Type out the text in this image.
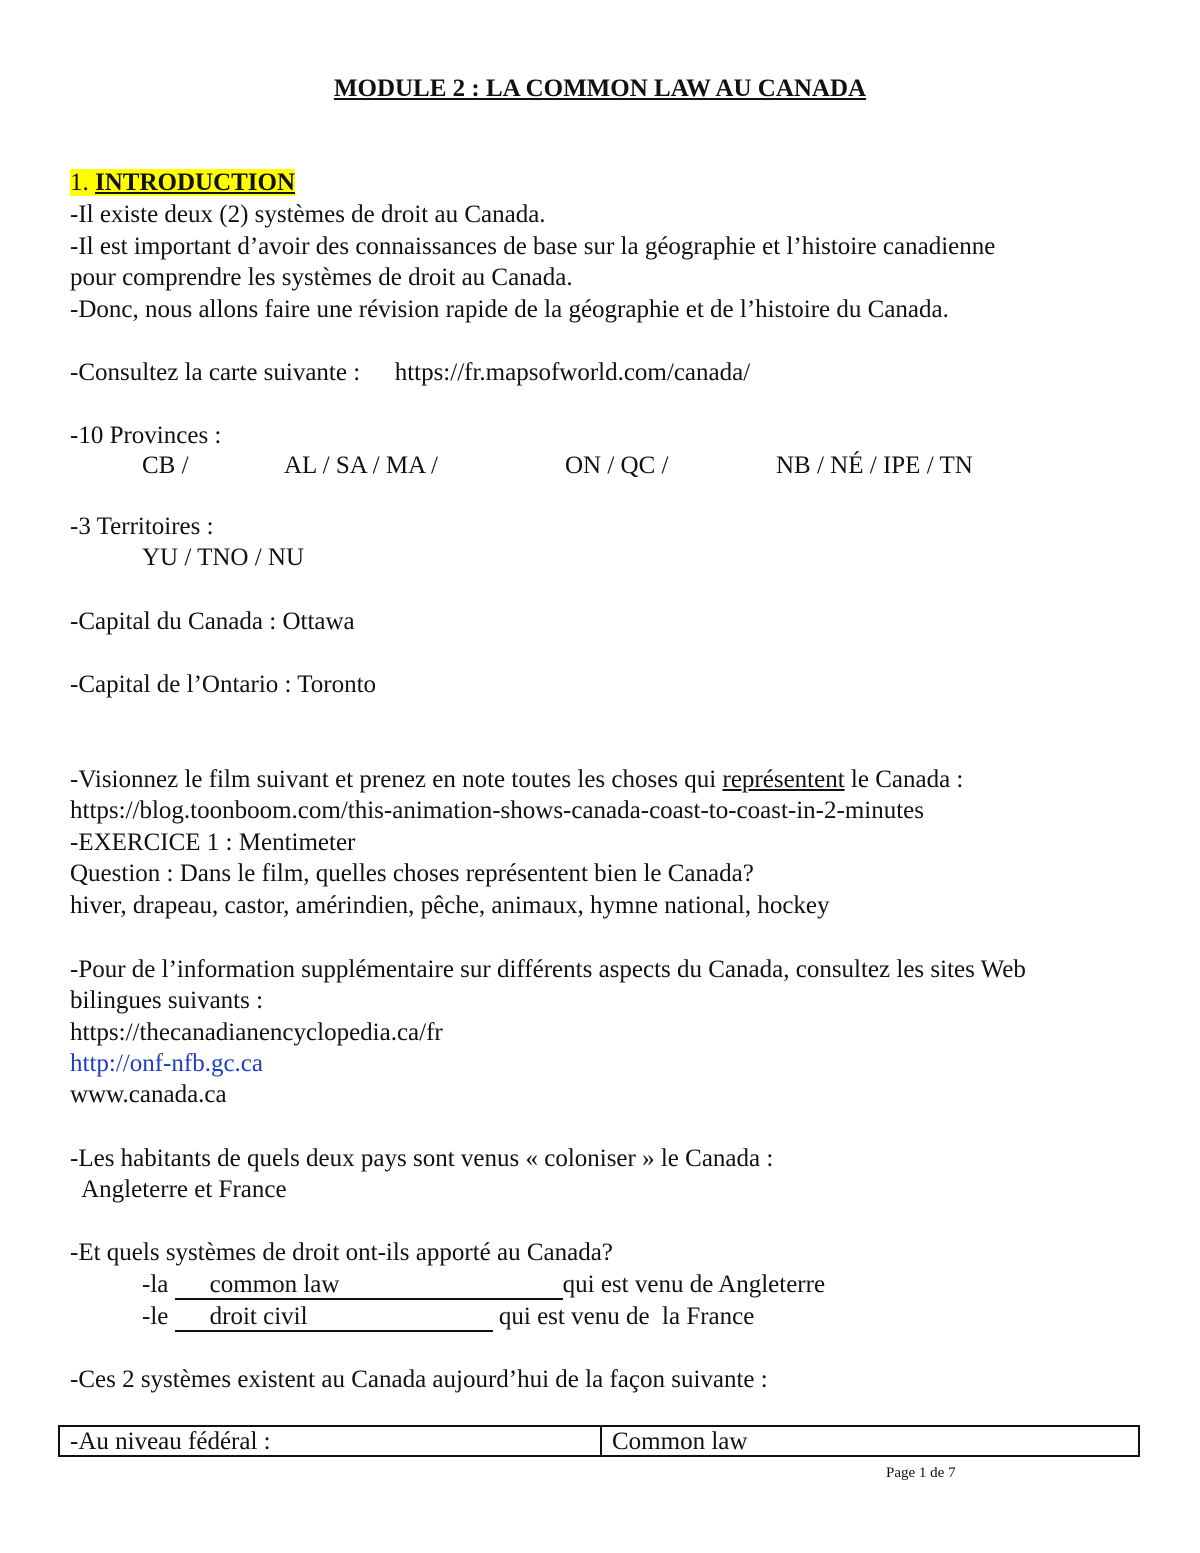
MODULE 2 : LA COMMON LAW AU CANADA
1. INTRODUCTION
-Il existe deux (2) systèmes de droit au Canada.
-Il est important d’avoir des connaissances de base sur la géographie et l’histoire canadienne
pour comprendre les systèmes de droit au Canada.
-Donc, nous allons faire une révision rapide de la géographie et de l’histoire du Canada.
-Consultez la carte suivante : https://fr.mapsofworld.com/canada/
-10 Provinces :
CB /	AL / SA / MA /	ON / QC /	NB / NÉ / IPE / TN
-3 Territoires :
YU / TNO / NU
-Capital du Canada : Ottawa
-Capital de l’Ontario : Toronto
-Visionnez le film suivant et prenez en note toutes les choses qui représentent le Canada :
https://blog.toonboom.com/this-animation-shows-canada-coast-to-coast-in-2-minutes
-EXERCICE 1 : Mentimeter
Question : Dans le film, quelles choses représentent bien le Canada?
hiver, drapeau, castor, amérindien, pêche, animaux, hymne national, hockey
-Pour de l’information supplémentaire sur différents aspects du Canada, consultez les sites Web
bilingues suivants :
https://thecanadianencyclopedia.ca/fr
http://onf-nfb.gc.ca
www.canada.ca
-Les habitants de quels deux pays sont venus « coloniser » le Canada :
Angleterre et France
-Et quels systèmes de droit ont-ils apporté au Canada?
-la common law	qui est venu de Angleterre
-le droit civil	qui est venu de  la France
-Ces 2 systèmes existent au Canada aujourd’hui de la façon suivante :
-Au niveau fédéral :	Common law
Page 1 de 7
